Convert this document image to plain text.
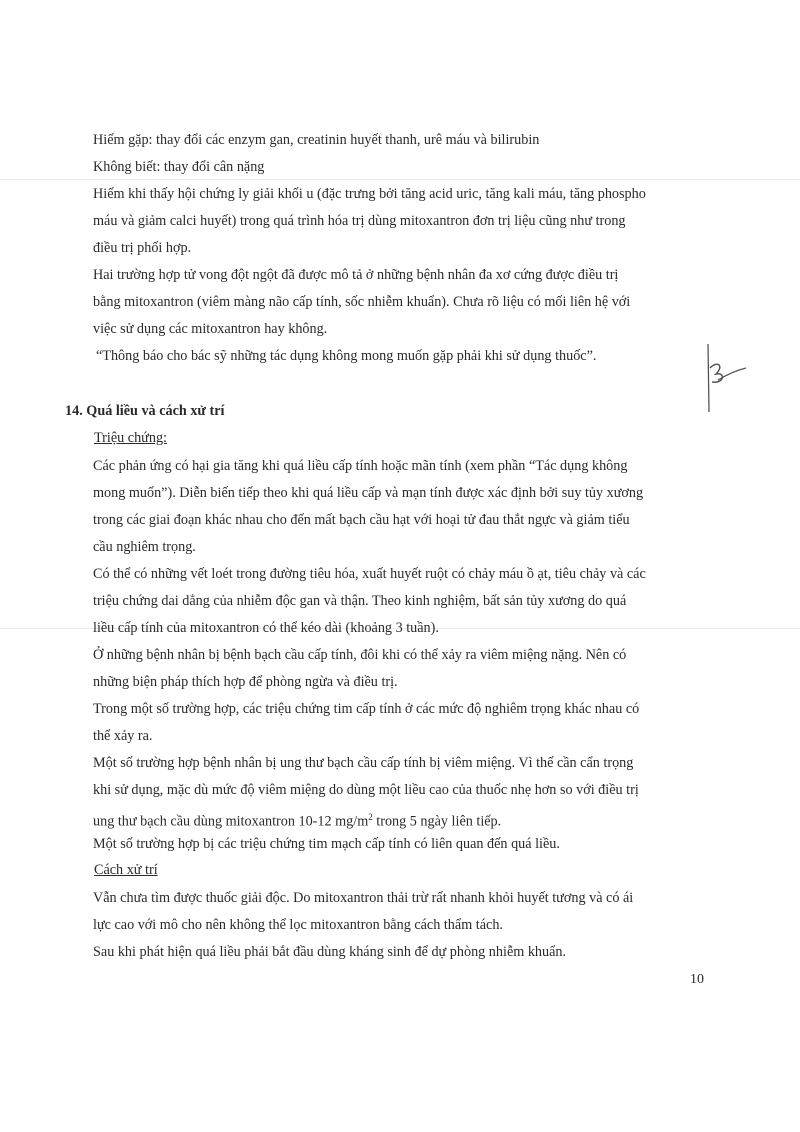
Hiếm gặp: thay đổi các enzym gan, creatinin huyết thanh, urê máu và bilirubin
Không biết: thay đổi cân nặng
Hiếm khi thấy hội chứng ly giải khối u (đặc trưng bởi tăng acid uric, tăng kali máu, tăng phospho
máu và giảm calci huyết) trong quá trình hóa trị dùng mitoxantron đơn trị liệu cũng như trong
điều trị phối hợp.
Hai trường hợp tử vong đột ngột đã được mô tả ở những bệnh nhân đa xơ cứng được điều trị
bằng mitoxantron (viêm màng não cấp tính, sốc nhiễm khuẩn). Chưa rõ liệu có mối liên hệ với
việc sử dụng các mitoxantron hay không.
“Thông báo cho bác sỹ những tác dụng không mong muốn gặp phải khi sử dụng thuốc”.
14. Quá liều và cách xử trí
Triệu chứng:
Các phản ứng có hại gia tăng khi quá liều cấp tính hoặc mãn tính (xem phần “Tác dụng không
mong muốn”). Diễn biến tiếp theo khi quá liều cấp và mạn tính được xác định bởi suy tủy xương
trong các giai đoạn khác nhau cho đến mất bạch cầu hạt với hoại tử đau thắt ngực và giảm tiểu
cầu nghiêm trọng.
Có thể có những vết loét trong đường tiêu hóa, xuất huyết ruột có chảy máu ồ ạt, tiêu chảy và các
triệu chứng dai dẳng của nhiễm độc gan và thận. Theo kinh nghiệm, bất sản tủy xương do quá
liều cấp tính của mitoxantron có thể kéo dài (khoảng 3 tuần).
Ở những bệnh nhân bị bệnh bạch cầu cấp tính, đôi khi có thể xảy ra viêm miệng nặng. Nên có
những biện pháp thích hợp để phòng ngừa và điều trị.
Trong một số trường hợp, các triệu chứng tim cấp tính ở các mức độ nghiêm trọng khác nhau có
thể xảy ra.
Một số trường hợp bệnh nhân bị ung thư bạch cầu cấp tính bị viêm miệng. Vì thế cần cẩn trọng
khi sử dụng, mặc dù mức độ viêm miệng do dùng một liều cao của thuốc nhẹ hơn so với điều trị
ung thư bạch cầu dùng mitoxantron 10-12 $mg/m^2$ trong 5 ngày liên tiếp.
Một số trường hợp bị các triệu chứng tim mạch cấp tính có liên quan đến quá liều.
Cách xử trí
Vẫn chưa tìm được thuốc giải độc. Do mitoxantron thải trừ rất nhanh khỏi huyết tương và có ái
lực cao với mô cho nên không thể lọc mitoxantron bằng cách thẩm tách.
Sau khi phát hiện quá liều phải bắt đầu dùng kháng sinh để dự phòng nhiễm khuẩn.
10
